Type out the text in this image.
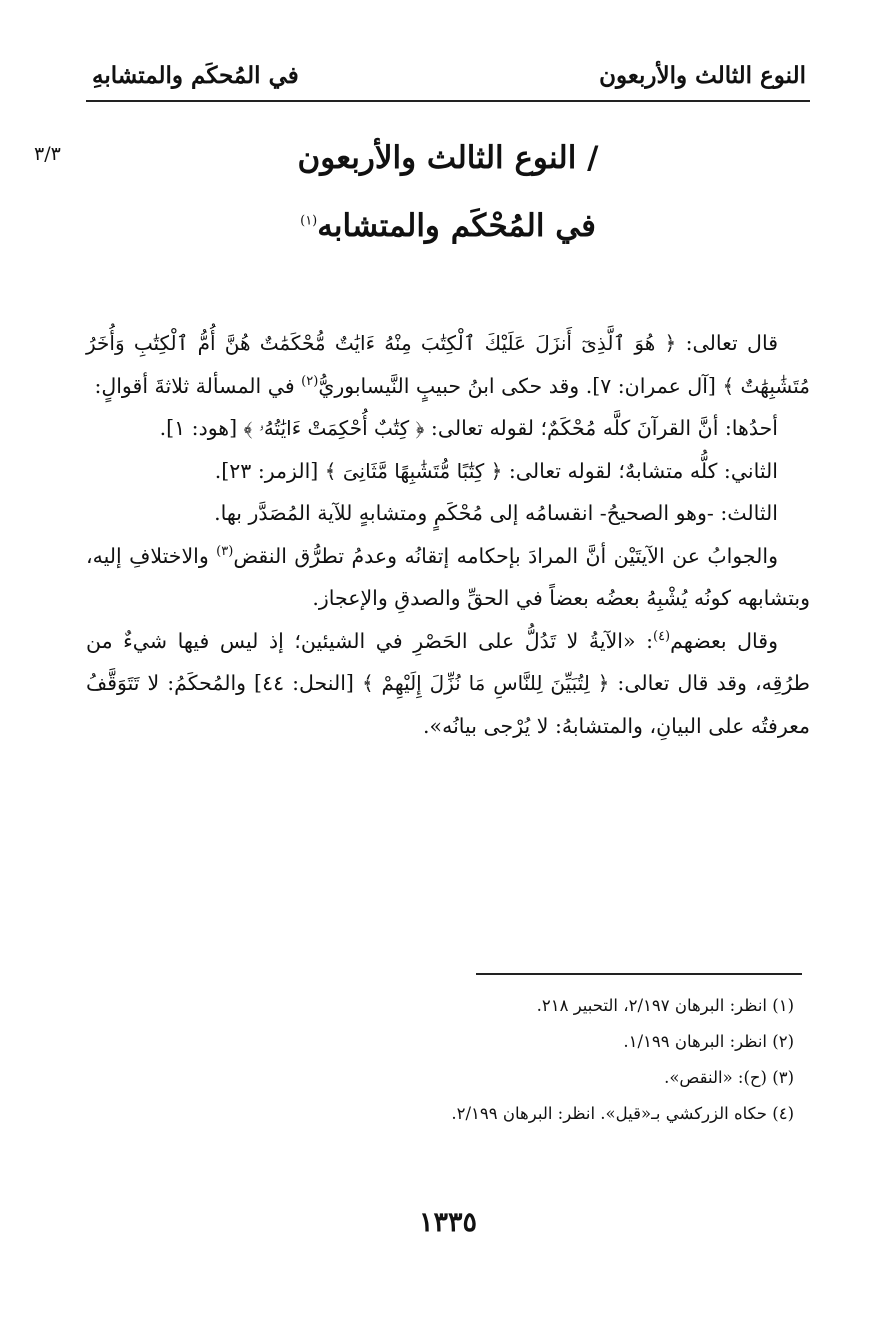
النوع الثالث والأربعون
في المُحكَم والمتشابهِ
٣/٣	/ النوع الثالث والأربعون
في المُحْكَم والمتشابه$^{(١)}$

قال تعالى: ﴿ هُوَ ٱلَّذِىٓ أَنزَلَ عَلَيْكَ ٱلْكِتَٰبَ مِنْهُ ءَايَٰتٌ مُّحْكَمَٰتٌ هُنَّ أُمُّ ٱلْكِتَٰبِ وَأُخَرُ مُتَشَٰبِهَٰتٌ ﴾ [آل عمران: ٧]. وقد حكى ابنُ حبيبٍ النَّيسابوريُّ$^{(٢)}$ في المسألة ثلاثةَ أقوالٍ:

أحدُها: أنَّ القرآنَ كلَّه مُحْكَمٌ؛ لقوله تعالى: ﴿ كِتَٰبٌ أُحْكِمَتْ ءَايَٰتُهُۥ ﴾ [هود: ١].

الثاني: كلُّه متشابهٌ؛ لقوله تعالى: ﴿ كِتَٰبًا مُّتَشَٰبِهًا مَّثَانِىَ ﴾ [الزمر: ٢٣].

الثالث: -وهو الصحيحُ- انقسامُه إلى مُحْكَمٍ ومتشابهٍ للآية المُصَدَّر بها.

والجوابُ عن الآيتَيْن أنَّ المرادَ بإحكامه إتقانُه وعدمُ تطرُّق النقض$^{(٣)}$ والاختلافِ إليه، وبتشابهه كونُه يُشْبِهُ بعضُه بعضاً في الحقِّ والصدقِ والإعجاز.

وقال بعضهم$^{(٤)}$: «الآيةُ لا تَدُلُّ على الحَصْرِ في الشيئين؛ إذ ليس فيها شيءٌ من طرُقِه، وقد قال تعالى: ﴿ لِتُبَيِّنَ لِلنَّاسِ مَا نُزِّلَ إِلَيْهِمْ ﴾ [النحل: ٤٤] والمُحكَمُ: لا تَتَوَقَّفُ معرفتُه على البيانِ، والمتشابهُ: لا يُرْجى بيانُه».

(١) انظر: البرهان ٢/١٩٧، التحبير ٢١٨.

(٢) انظر: البرهان ١/١٩٩.

(٣) (ح): «النقص».

(٤) حكاه الزركشي بـ«قيل». انظر: البرهان ٢/١٩٩.

١٣٣٥
